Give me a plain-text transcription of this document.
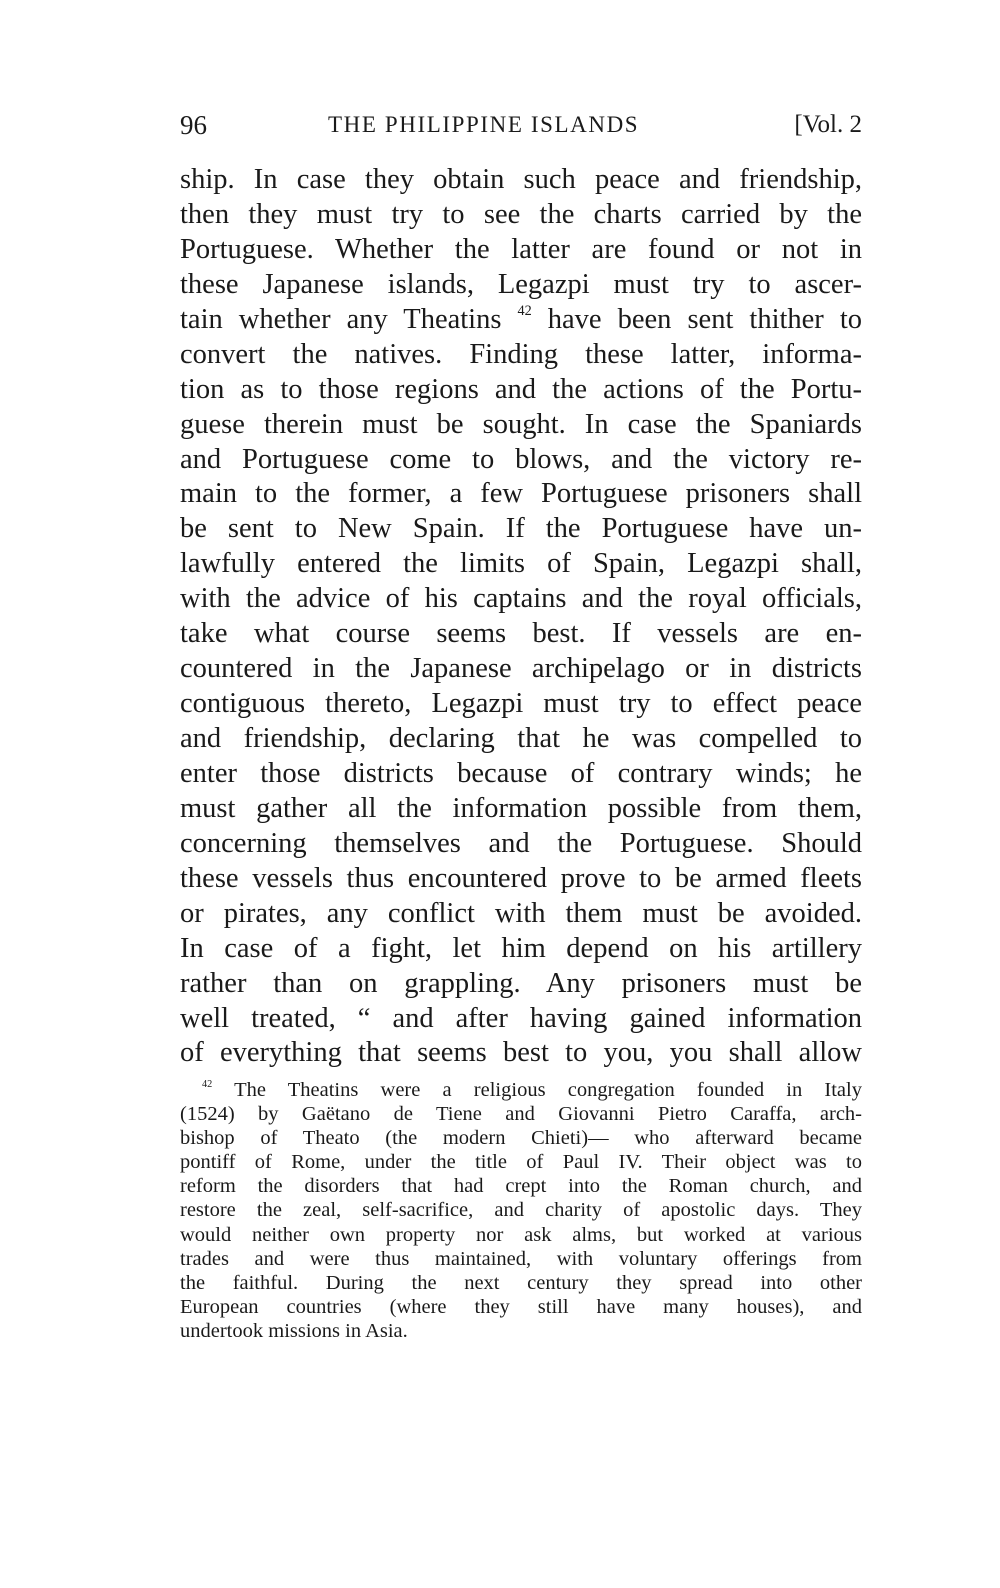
96	THE PHILIPPINE ISLANDS	[Vol. 2
ship. In case they obtain such peace and friendship,
then they must try to see the charts carried by the
Portuguese. Whether the latter are found or not in
these Japanese islands, Legazpi must try to ascer-
tain whether any Theatins $^{42}$ have been sent thither to
convert the natives. Finding these latter, informa-
tion as to those regions and the actions of the Portu-
guese therein must be sought. In case the Spaniards
and Portuguese come to blows, and the victory re-
main to the former, a few Portuguese prisoners shall
be sent to New Spain. If the Portuguese have un-
lawfully entered the limits of Spain, Legazpi shall,
with the advice of his captains and the royal officials,
take what course seems best. If vessels are en-
countered in the Japanese archipelago or in districts
contiguous thereto, Legazpi must try to effect peace
and friendship, declaring that he was compelled to
enter those districts because of contrary winds; he
must gather all the information possible from them,
concerning themselves and the Portuguese. Should
these vessels thus encountered prove to be armed fleets
or pirates, any conflict with them must be avoided.
In case of a fight, let him depend on his artillery
rather than on grappling. Any prisoners must be
well treated, “ and after having gained information
of everything that seems best to you, you shall allow
$^{42}$ The Theatins were a religious congregation founded in Italy
(1524) by Gaëtano de Tiene and Giovanni Pietro Caraffa, arch-
bishop of Theato (the modern Chieti)— who afterward became
pontiff of Rome, under the title of Paul IV. Their object was to
reform the disorders that had crept into the Roman church, and
restore the zeal, self-sacrifice, and charity of apostolic days. They
would neither own property nor ask alms, but worked at various
trades and were thus maintained, with voluntary offerings from
the faithful. During the next century they spread into other
European countries (where they still have many houses), and
undertook missions in Asia.
